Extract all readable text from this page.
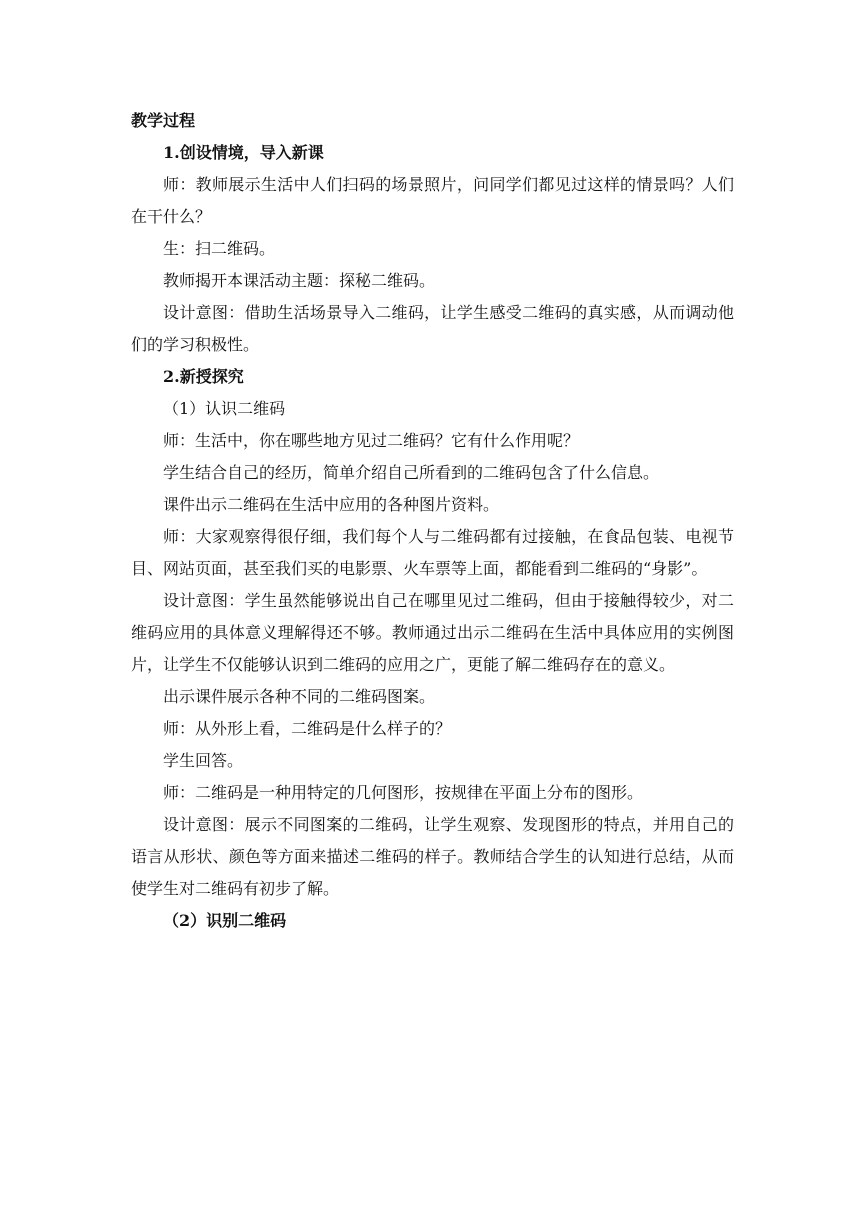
教学过程

1.创设情境，导入新课

师：教师展示生活中人们扫码的场景照片，问同学们都见过这样的情景吗？人们在干什么？

生：扫二维码。

教师揭开本课活动主题：探秘二维码。

设计意图：借助生活场景导入二维码，让学生感受二维码的真实感，从而调动他们的学习积极性。

2.新授探究

（1）认识二维码

师：生活中，你在哪些地方见过二维码？它有什么作用呢？

学生结合自己的经历，简单介绍自己所看到的二维码包含了什么信息。

课件出示二维码在生活中应用的各种图片资料。

师：大家观察得很仔细，我们每个人与二维码都有过接触，在食品包装、电视节目、网站页面，甚至我们买的电影票、火车票等上面，都能看到二维码的“身影”。

设计意图：学生虽然能够说出自己在哪里见过二维码，但由于接触得较少，对二维码应用的具体意义理解得还不够。教师通过出示二维码在生活中具体应用的实例图片，让学生不仅能够认识到二维码的应用之广，更能了解二维码存在的意义。

出示课件展示各种不同的二维码图案。

师：从外形上看，二维码是什么样子的？

学生回答。

师：二维码是一种用特定的几何图形，按规律在平面上分布的图形。

设计意图：展示不同图案的二维码，让学生观察、发现图形的特点，并用自己的语言从形状、颜色等方面来描述二维码的样子。教师结合学生的认知进行总结，从而使学生对二维码有初步了解。

（2）识别二维码
